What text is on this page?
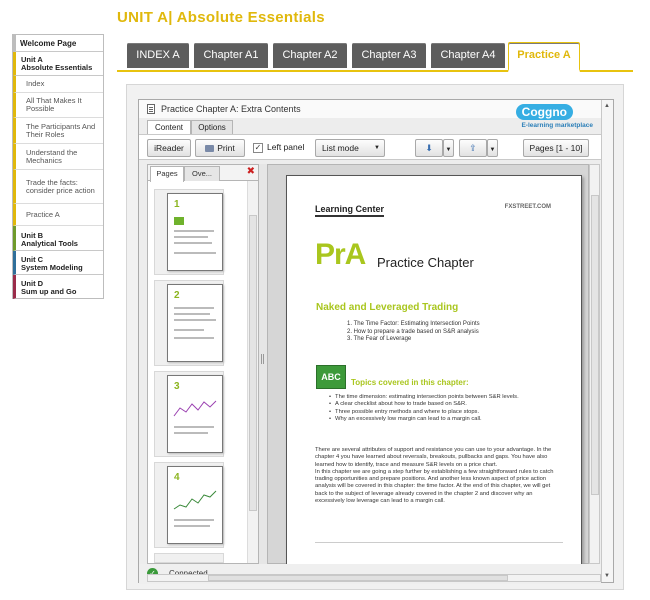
UNIT A| Absolute Essentials
Welcome Page
Unit A
Absolute Essentials
Index
All That Makes It Possible
The Participants And Their Roles
Understand the Mechanics
Trade the facts: consider price action
Practice A
Unit B
Analytical Tools
Unit C
System Modeling
Unit D
Sum up and Go
INDEX A	Chapter A1	Chapter A2	Chapter A3	Chapter A4	Practice A
Practice Chapter A: Extra Contents	Coggno
E-learning marketplace
Content	Options
iReader	Print	✓ Left panel	List mode	▼	⬇	▼	⇪	▼	Pages [1 - 10]
Pages	Ove...	✖
1
2
3
4
Learning Center	FXSTREET.COM
PrA Practice Chapter
Naked and Leveraged Trading
1. The Time Factor: Estimating Intersection Points
2. How to prepare a trade based on S&R analysis
3. The Fear of Leverage
ABC
Topics covered in this chapter:
• The time dimension: estimating intersection points between S&R levels.
• A clear checklist about how to trade based on S&R.
• Three possible entry methods and where to place stops.
• Why an excessively low margin can lead to a margin call.
There are several attributes of support and resistance you can use to your advantage. In the chapter 4 you have learned about reversals, breakouts, pullbacks and gaps. You have also learned how to identify, trace and measure S&R levels on a price chart.
In this chapter we are going a step further by establishing a few straightforward rules to catch trading opportunities and prepare positions. And another less known aspect of price action analysis will be covered in this chapter: the time factor. At the end of this chapter, we will get back to the subject of leverage already covered in the chapter 2 and discover why an excessively low leverage can lead to a margin call.
▲
▼
